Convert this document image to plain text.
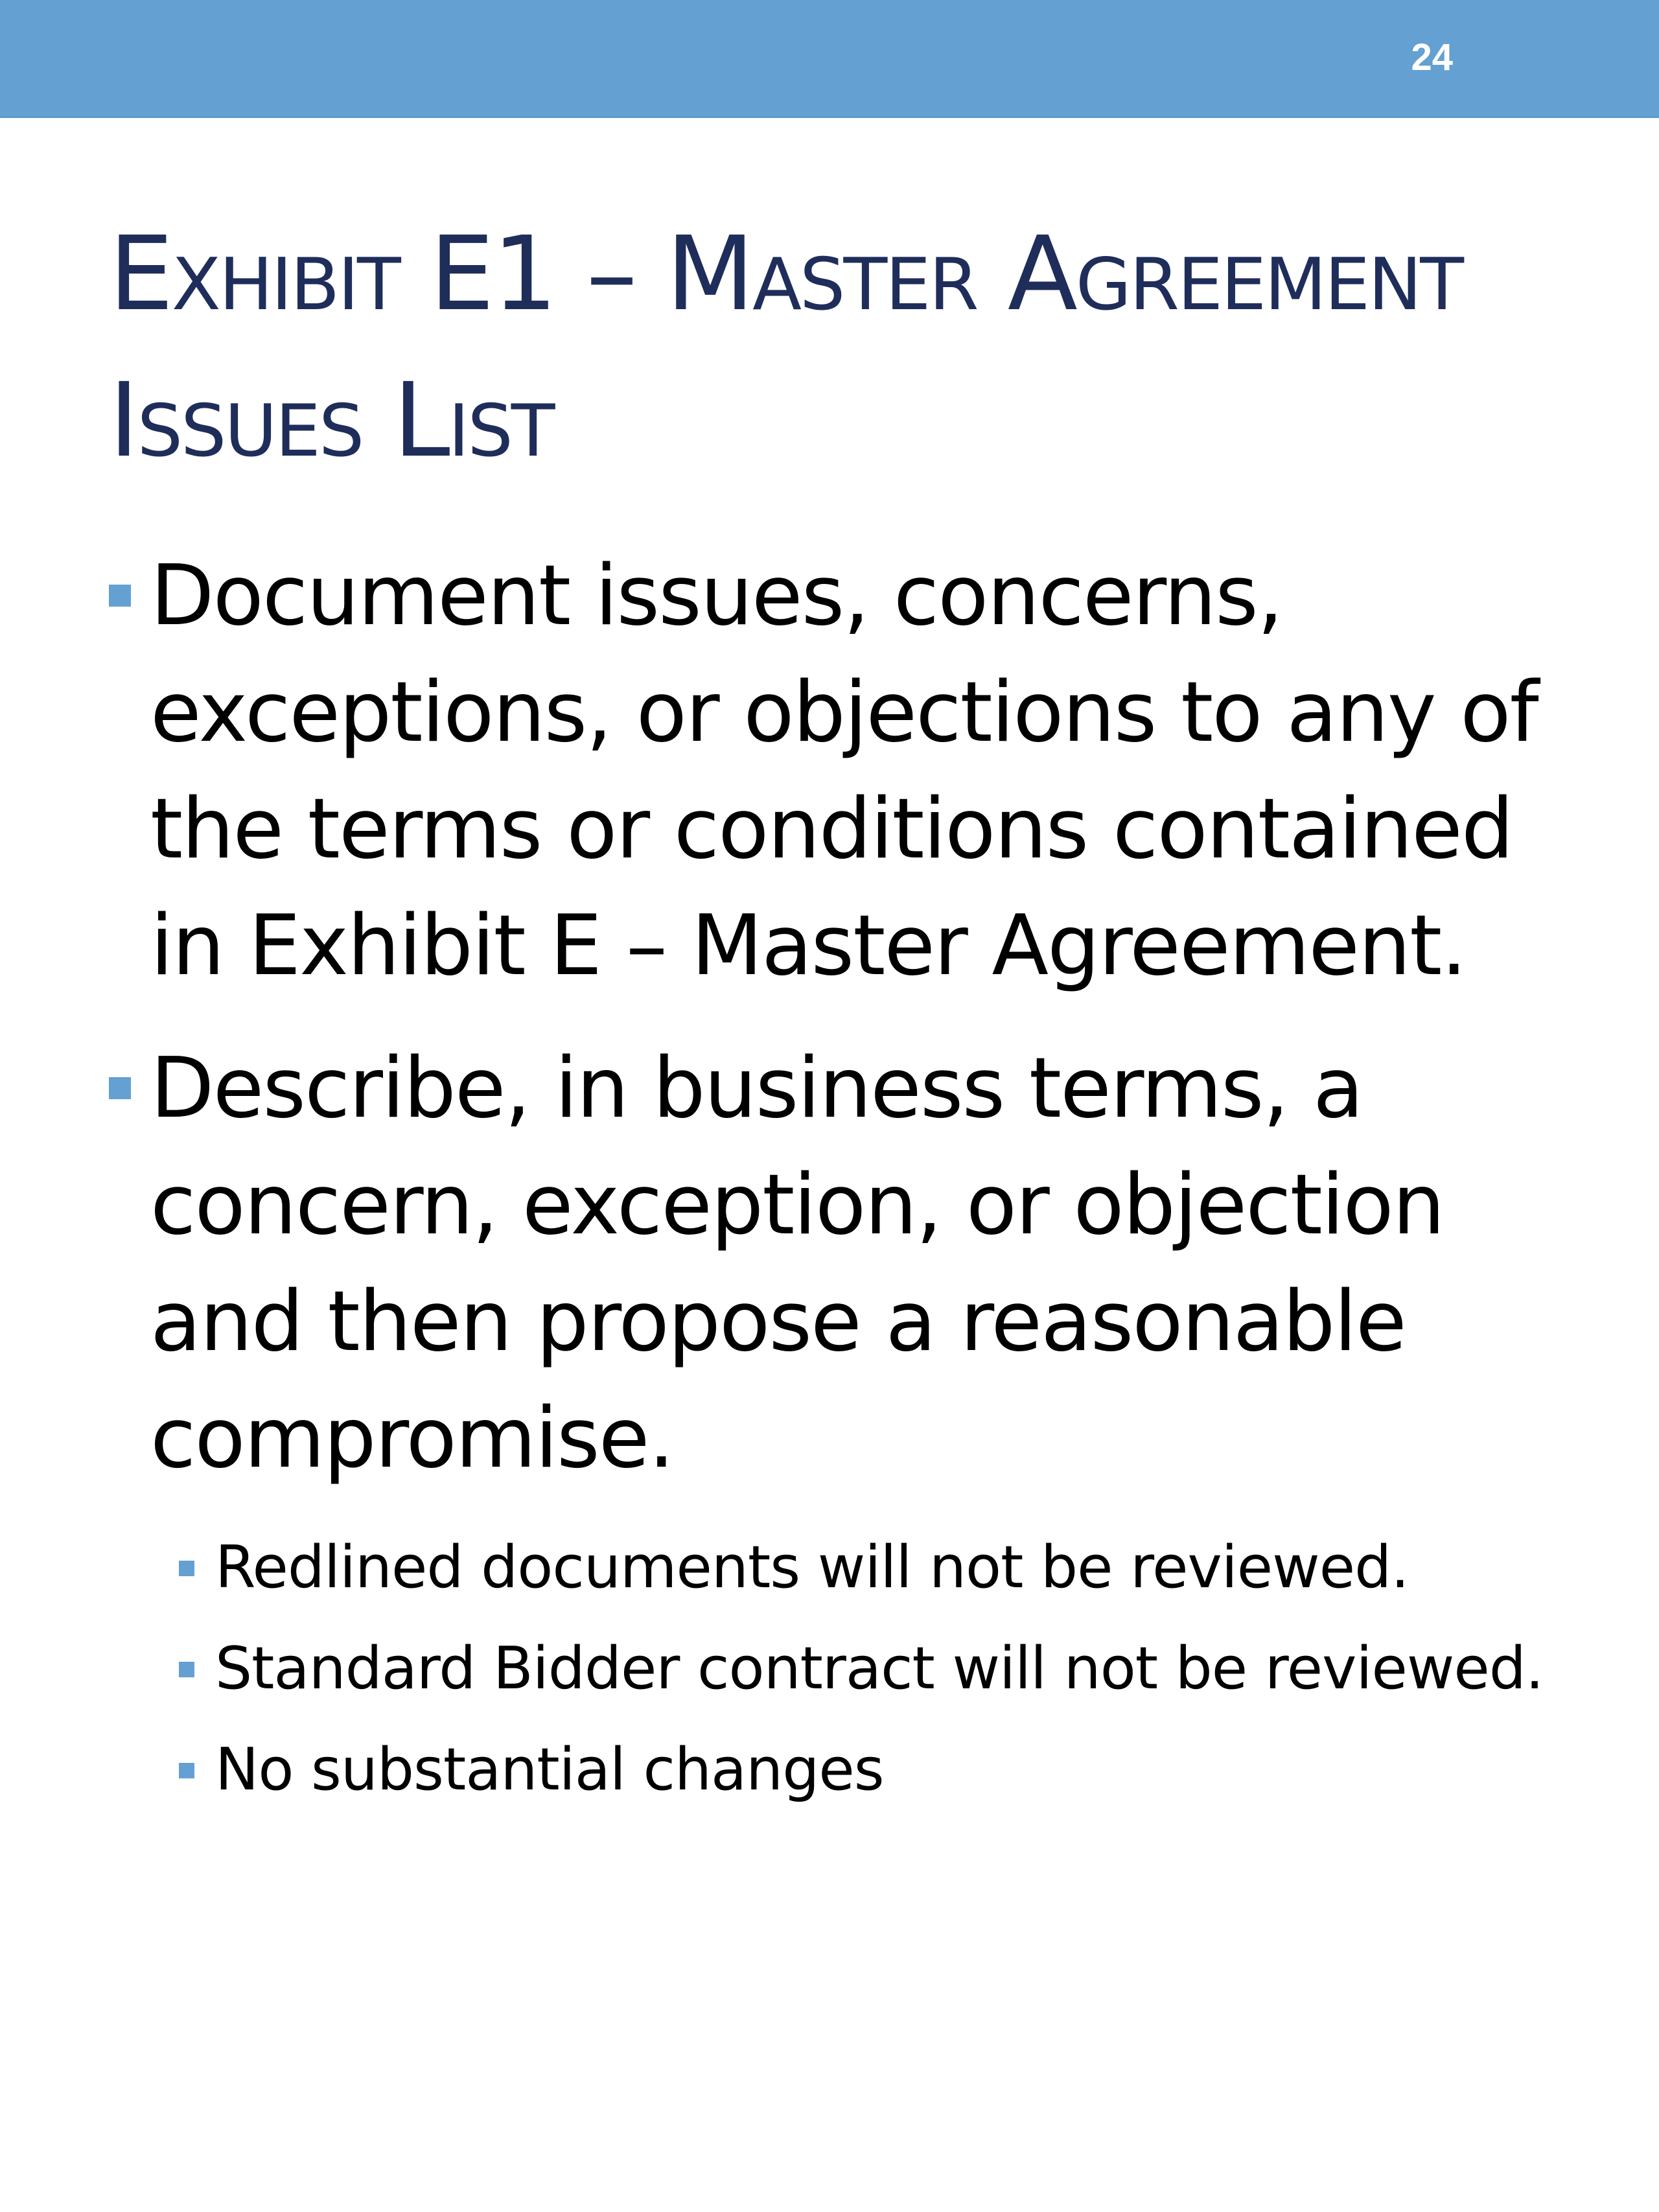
24
Exhibit E1 – Master Agreement Issues List
Document issues, concerns, exceptions, or objections to any of the terms or conditions contained in Exhibit E – Master Agreement.
Describe, in business terms, a concern, exception, or objection and then propose a reasonable compromise.
Redlined documents will not be reviewed.
Standard Bidder contract will not be reviewed.
No substantial changes
